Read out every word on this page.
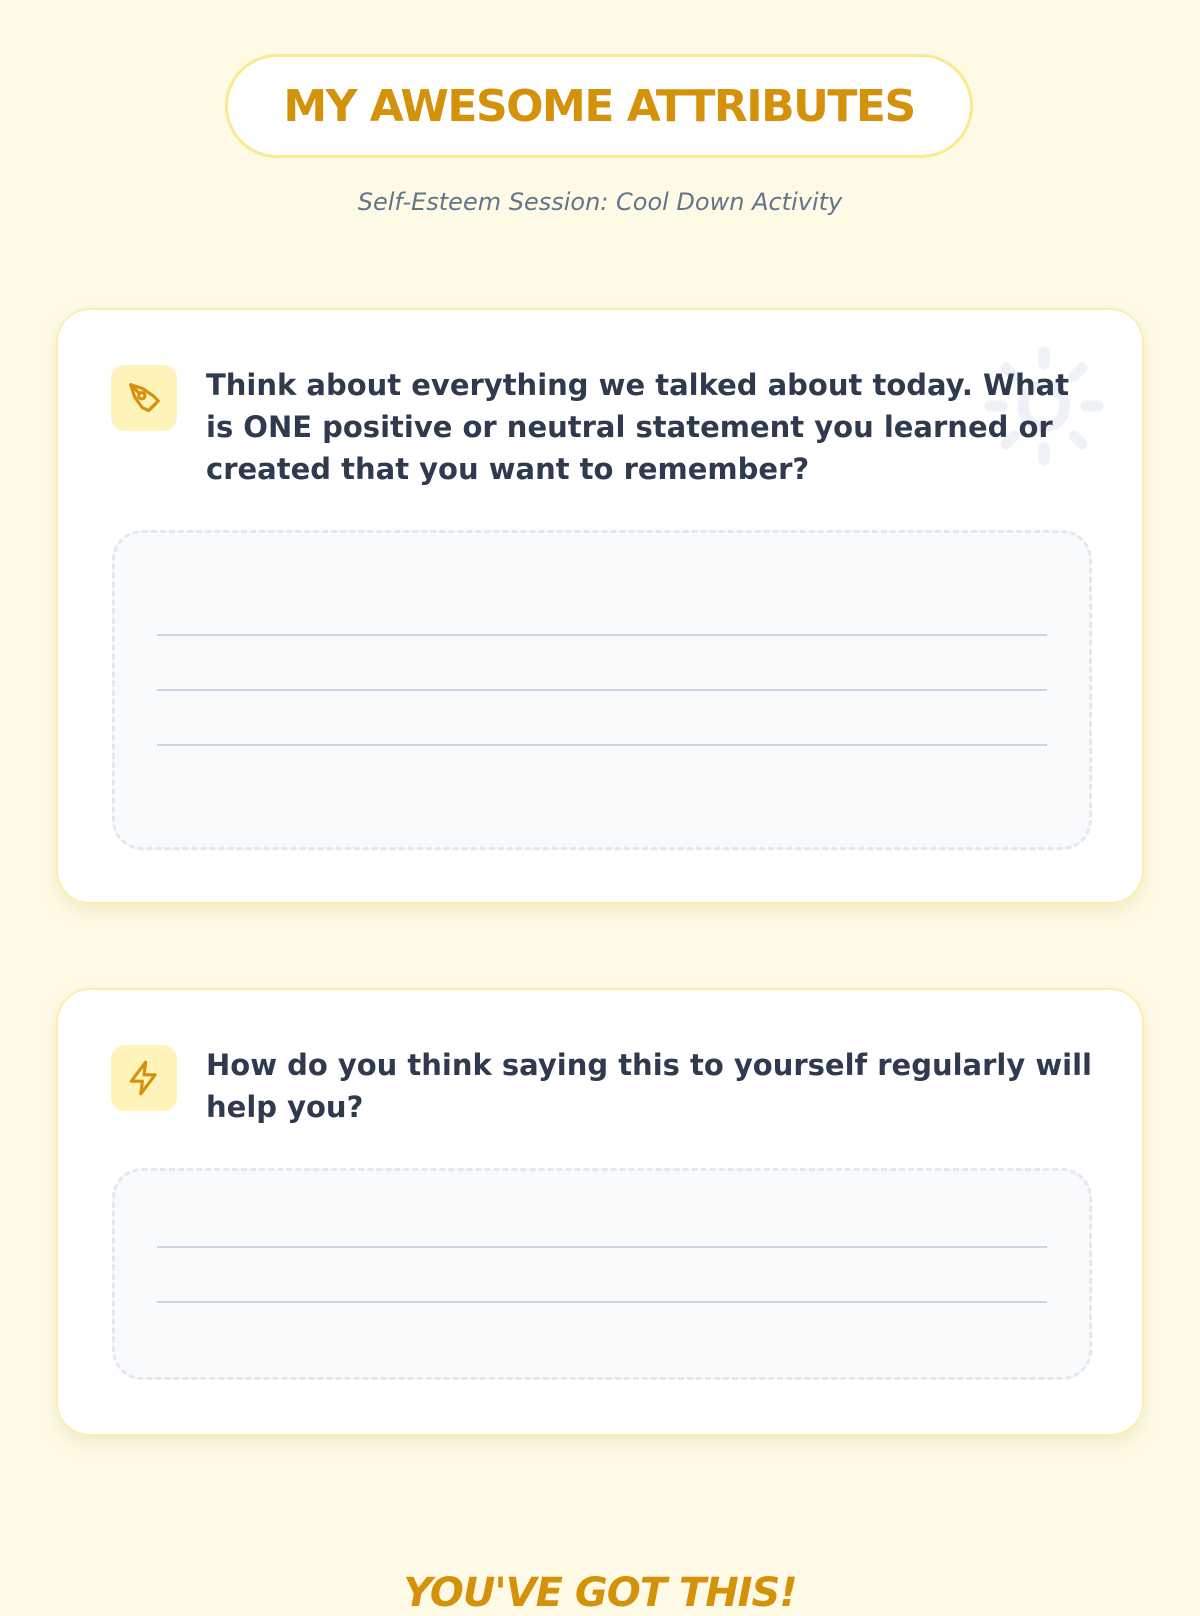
MY AWESOME ATTRIBUTES
Self-Esteem Session: Cool Down Activity
Think about everything we talked about today. What is ONE positive or neutral statement you learned or created that you want to remember?
How do you think saying this to yourself regularly will help you?
YOU'VE GOT THIS!
